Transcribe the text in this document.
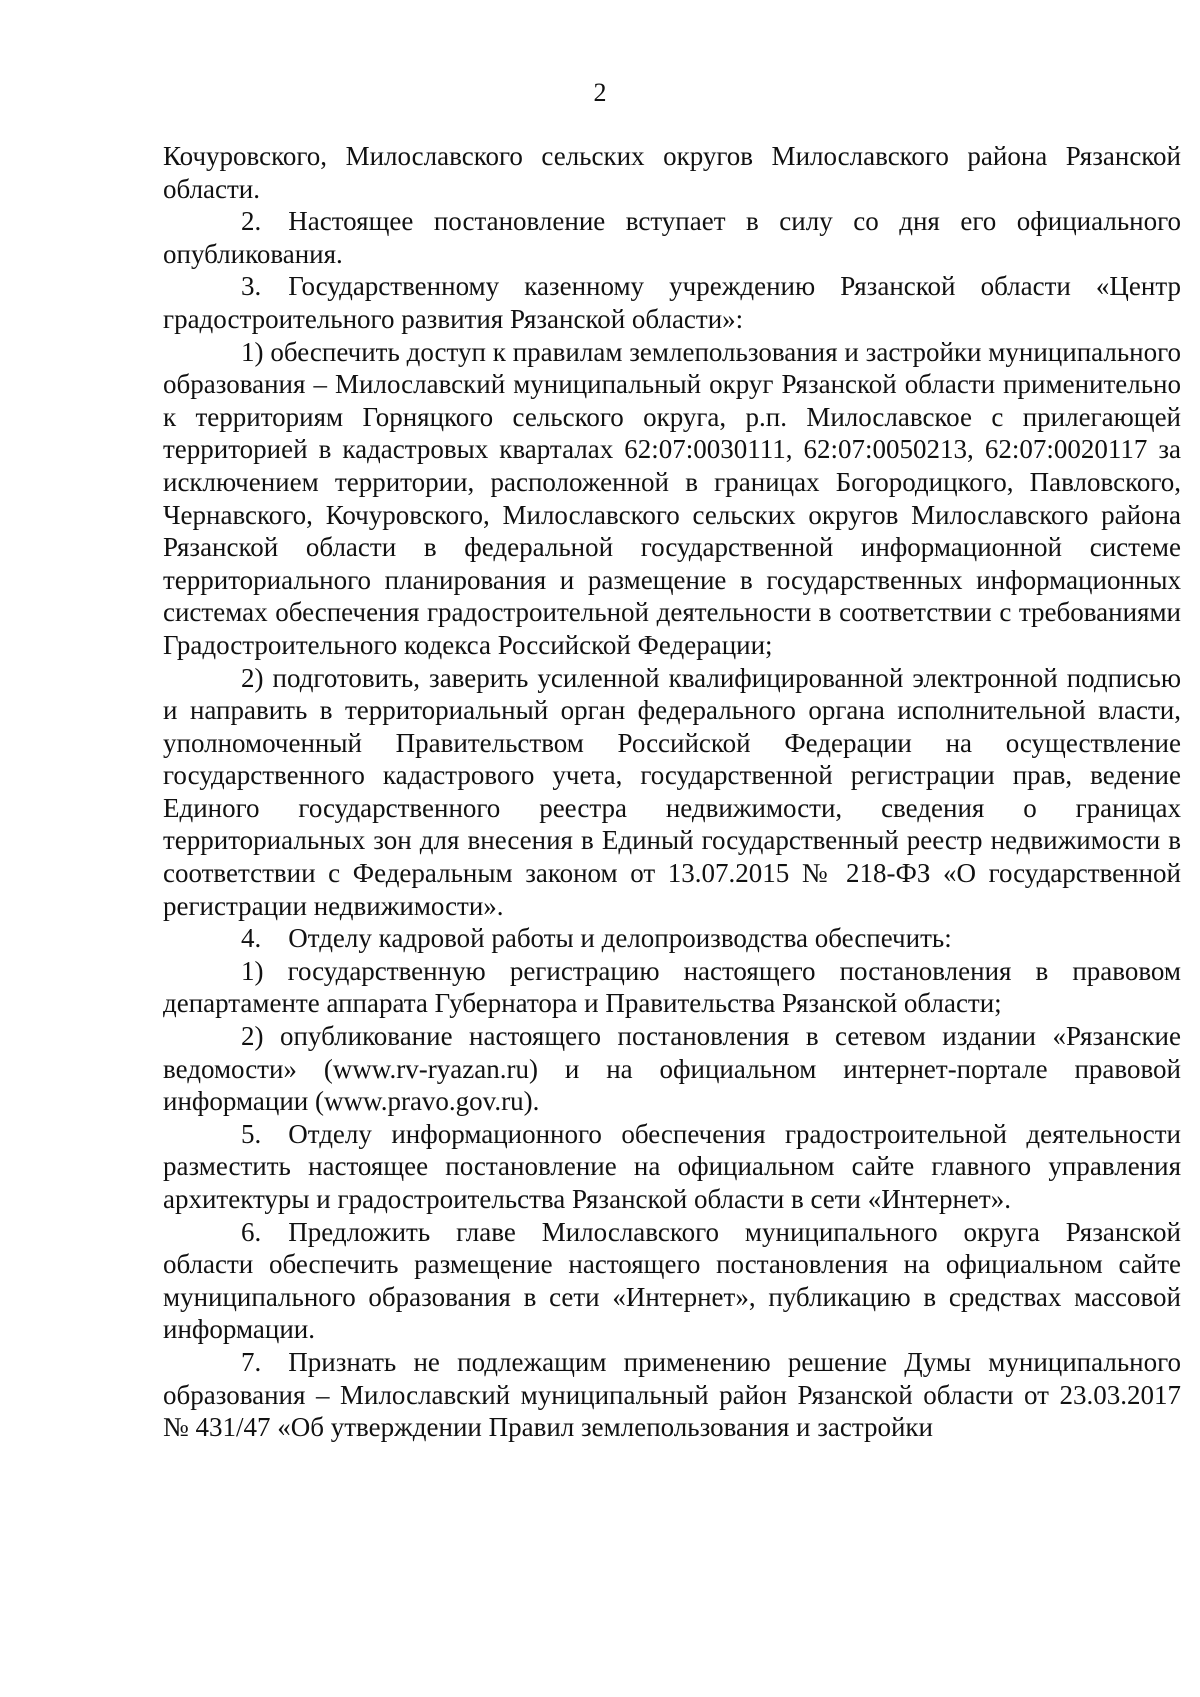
2

Кочуровского, Милославского сельских округов Милославского района Рязанской области.

2. Настоящее постановление вступает в силу со дня его официального опубликования.

3. Государственному казенному учреждению Рязанской области «Центр градостроительного развития Рязанской области»:

1) обеспечить доступ к правилам землепользования и застройки муниципального образования – Милославский муниципальный округ Рязанской области применительно к территориям Горняцкого сельского округа, р.п. Милославское с прилегающей территорией в кадастровых кварталах 62:07:0030111, 62:07:0050213, 62:07:0020117 за исключением территории, расположенной в границах Богородицкого, Павловского, Чернавского, Кочуровского, Милославского сельских округов Милославского района Рязанской области в федеральной государственной информационной системе территориального планирования и размещение в государственных информационных системах обеспечения градостроительной деятельности в соответствии с требованиями Градостроительного кодекса Российской Федерации;

2) подготовить, заверить усиленной квалифицированной электронной подписью и направить в территориальный орган федерального органа исполнительной власти, уполномоченный Правительством Российской Федерации на осуществление государственного кадастрового учета, государственной регистрации прав, ведение Единого государственного реестра недвижимости, сведения о границах территориальных зон для внесения в Единый государственный реестр недвижимости в соответствии с Федеральным законом от 13.07.2015 № 218-ФЗ «О государственной регистрации недвижимости».

4. Отделу кадровой работы и делопроизводства обеспечить:

1) государственную регистрацию настоящего постановления в правовом департаменте аппарата Губернатора и Правительства Рязанской области;

2) опубликование настоящего постановления в сетевом издании «Рязанские ведомости» (www.rv-ryazan.ru) и на официальном интернет-портале правовой информации (www.pravo.gov.ru).

5. Отделу информационного обеспечения градостроительной деятельности разместить настоящее постановление на официальном сайте главного управления архитектуры и градостроительства Рязанской области в сети «Интернет».

6. Предложить главе Милославского муниципального округа Рязанской области обеспечить размещение настоящего постановления на официальном сайте муниципального образования в сети «Интернет», публикацию в средствах массовой информации.

7. Признать не подлежащим применению решение Думы муниципального образования – Милославский муниципальный район Рязанской области от 23.03.2017 № 431/47 «Об утверждении Правил землепользования и застройки
